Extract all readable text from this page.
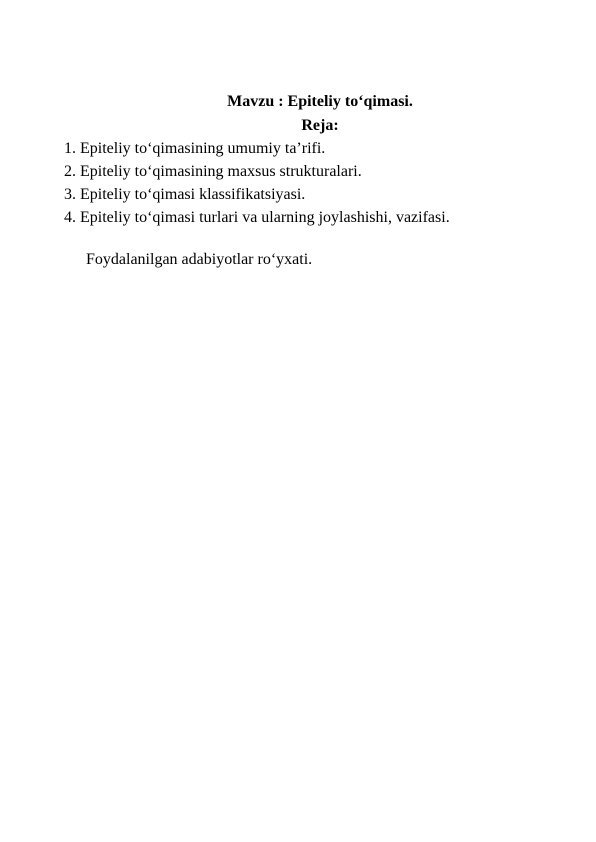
Mavzu : Epiteliy to‘qimasi.
Reja:
1. Epiteliy to‘qimasining umumiy ta’rifi.
2. Epiteliy to‘qimasining maxsus strukturalari.
3. Epiteliy to‘qimasi klassifikatsiyasi.
4. Epiteliy to‘qimasi turlari va ularning joylashishi, vazifasi.
Foydalanilgan adabiyotlar ro‘yxati.
